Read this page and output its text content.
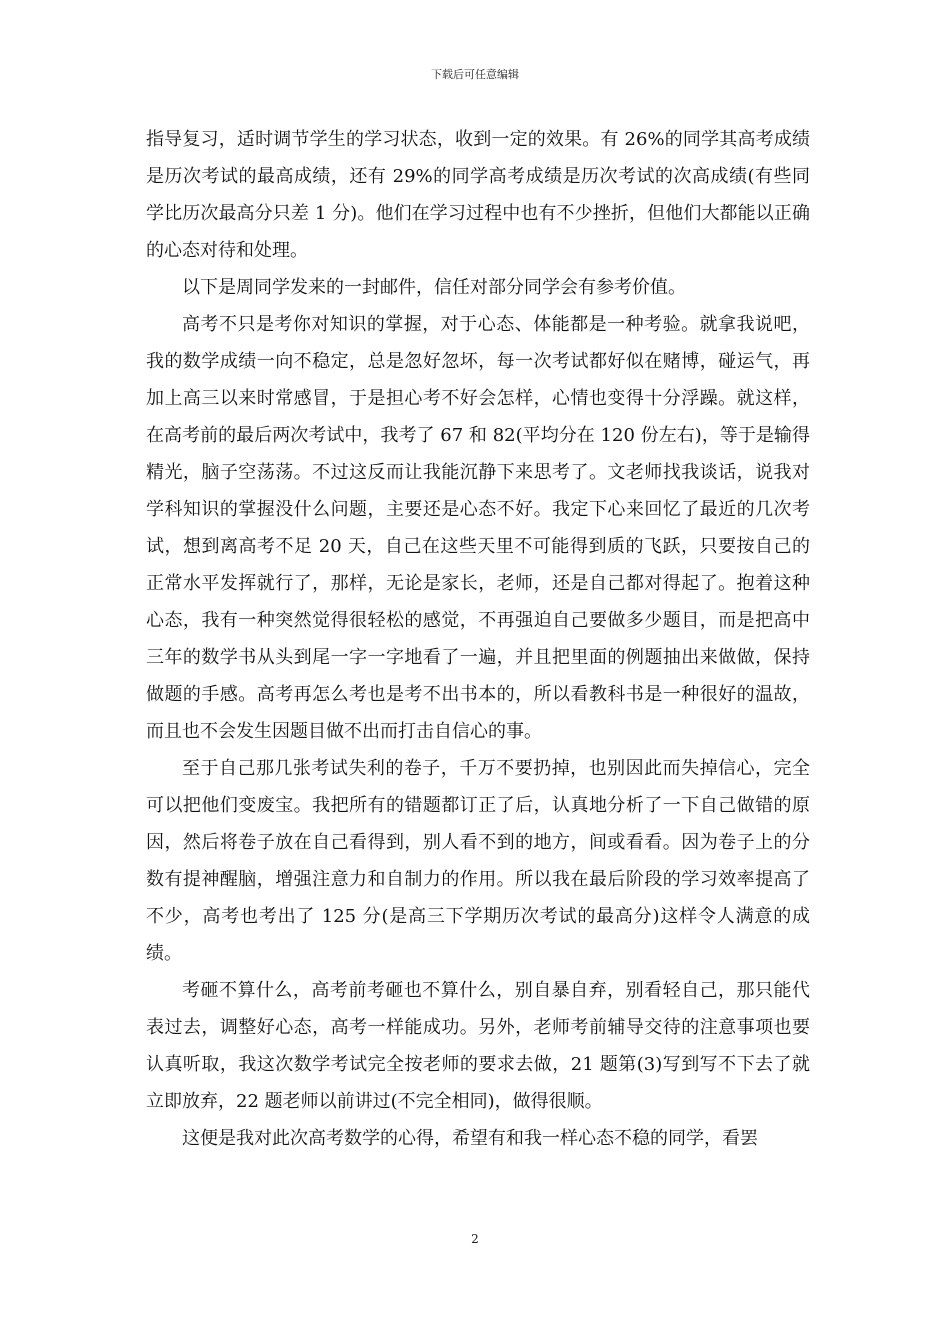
下载后可任意编辑

指导复习，适时调节学生的学习状态，收到一定的效果。有 26%的同学其高考成绩是历次考试的最高成绩，还有 29%的同学高考成绩是历次考试的次高成绩(有些同学比历次最高分只差 1 分)。他们在学习过程中也有不少挫折，但他们大都能以正确的心态对待和处理。

以下是周同学发来的一封邮件，信任对部分同学会有参考价值。

高考不只是考你对知识的掌握，对于心态、体能都是一种考验。就拿我说吧，我的数学成绩一向不稳定，总是忽好忽坏，每一次考试都好似在赌博，碰运气，再加上高三以来时常感冒，于是担心考不好会怎样，心情也变得十分浮躁。就这样，在高考前的最后两次考试中，我考了 67 和 82(平均分在 120 份左右)，等于是输得精光，脑子空荡荡。不过这反而让我能沉静下来思考了。文老师找我谈话，说我对学科知识的掌握没什么问题，主要还是心态不好。我定下心来回忆了最近的几次考试，想到离高考不足 20 天，自己在这些天里不可能得到质的飞跃，只要按自己的正常水平发挥就行了，那样，无论是家长，老师，还是自己都对得起了。抱着这种心态，我有一种突然觉得很轻松的感觉，不再强迫自己要做多少题目，而是把高中三年的数学书从头到尾一字一字地看了一遍，并且把里面的例题抽出来做做，保持做题的手感。高考再怎么考也是考不出书本的，所以看教科书是一种很好的温故，而且也不会发生因题目做不出而打击自信心的事。

至于自己那几张考试失利的卷子，千万不要扔掉，也别因此而失掉信心，完全可以把他们变废宝。我把所有的错题都订正了后，认真地分析了一下自己做错的原因，然后将卷子放在自己看得到，别人看不到的地方，间或看看。因为卷子上的分数有提神醒脑，增强注意力和自制力的作用。所以我在最后阶段的学习效率提高了不少，高考也考出了 125 分(是高三下学期历次考试的最高分)这样令人满意的成绩。

考砸不算什么，高考前考砸也不算什么，别自暴自弃，别看轻自己，那只能代表过去，调整好心态，高考一样能成功。另外，老师考前辅导交待的注意事项也要认真听取，我这次数学考试完全按老师的要求去做，21 题第(3)写到写不下去了就立即放弃，22 题老师以前讲过(不完全相同)，做得很顺。

这便是我对此次高考数学的心得，希望有和我一样心态不稳的同学，看罢

2
